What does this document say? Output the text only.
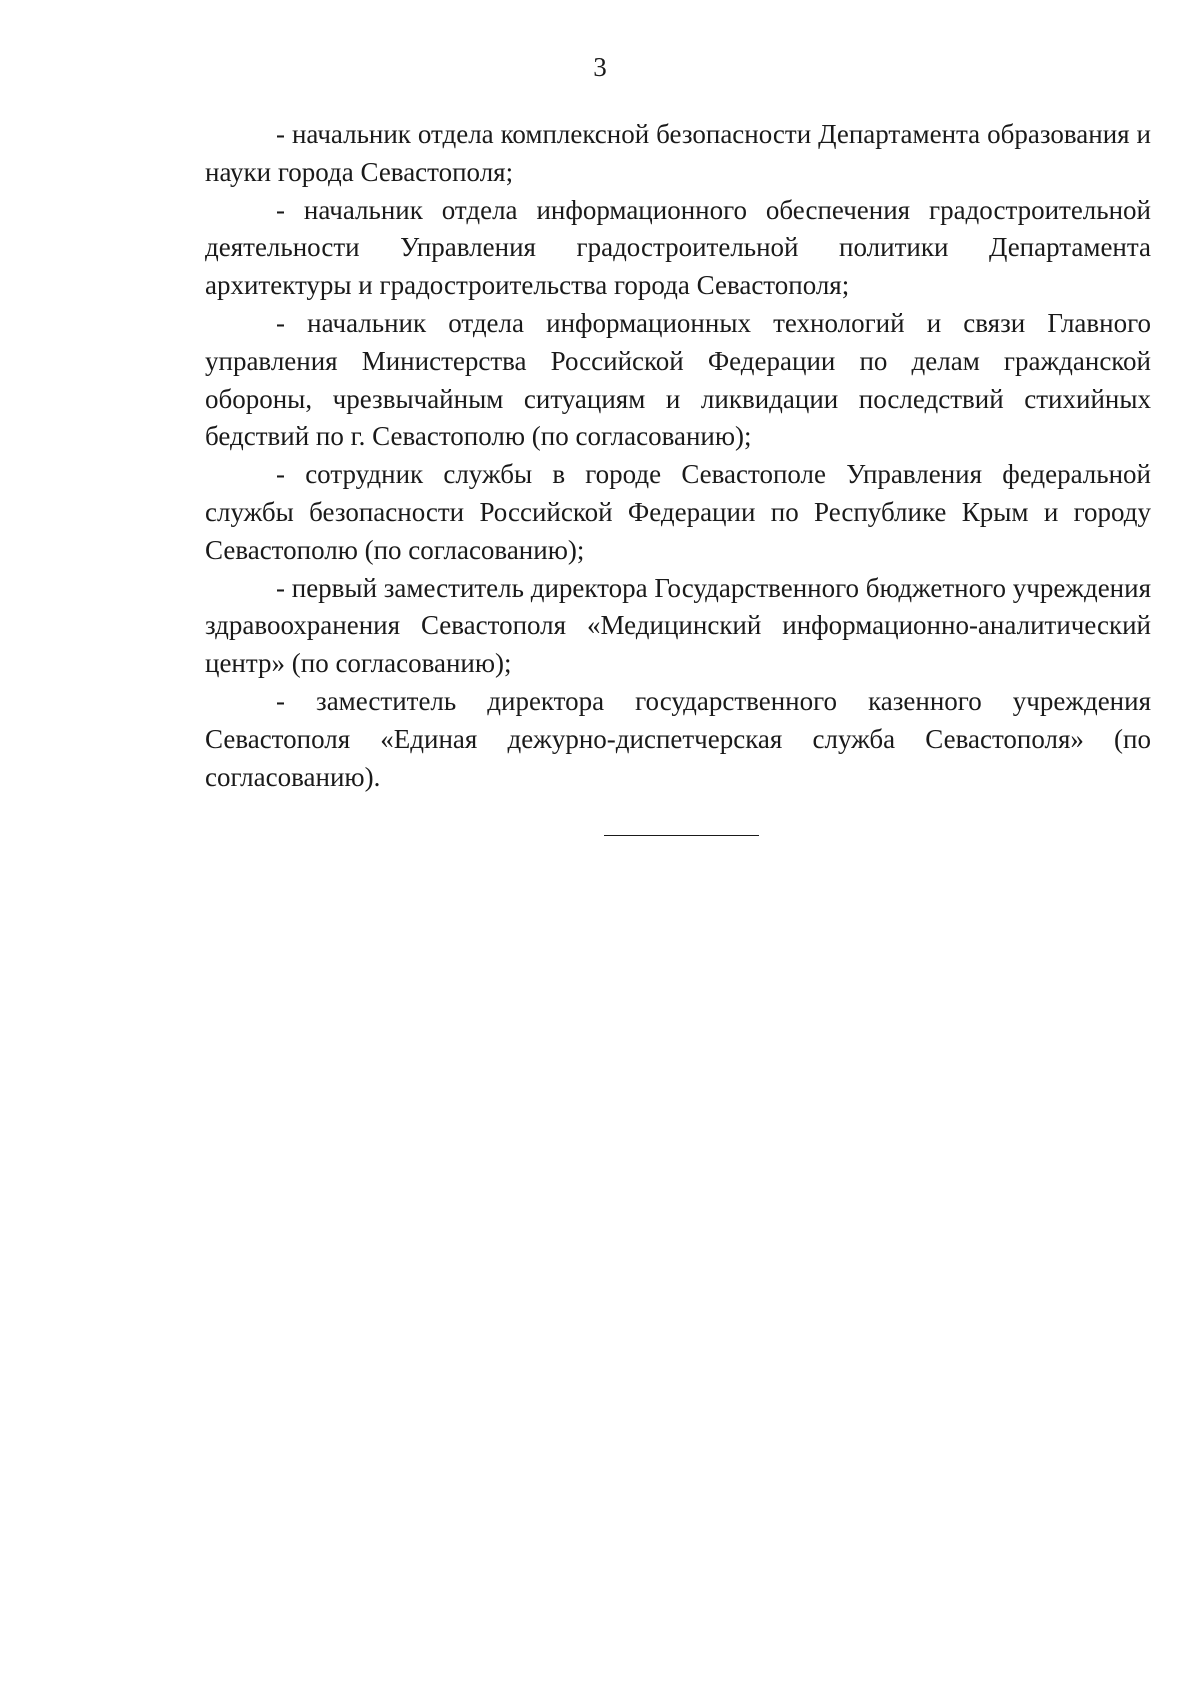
3

- начальник отдела комплексной безопасности Департамента образования и науки города Севастополя;

- начальник отдела информационного обеспечения градостроительной деятельности Управления градостроительной политики Департамента архитектуры и градостроительства города Севастополя;

- начальник отдела информационных технологий и связи Главного управления Министерства Российской Федерации по делам гражданской обороны, чрезвычайным ситуациям и ликвидации последствий стихийных бедствий по г. Севастополю (по согласованию);

- сотрудник службы в городе Севастополе Управления федеральной службы безопасности Российской Федерации по Республике Крым и городу Севастополю (по согласованию);

- первый заместитель директора Государственного бюджетного учреждения здравоохранения Севастополя «Медицинский информационно-аналитический центр» (по согласованию);

- заместитель директора государственного казенного учреждения Севастополя «Единая дежурно-диспетчерская служба Севастополя» (по согласованию).
